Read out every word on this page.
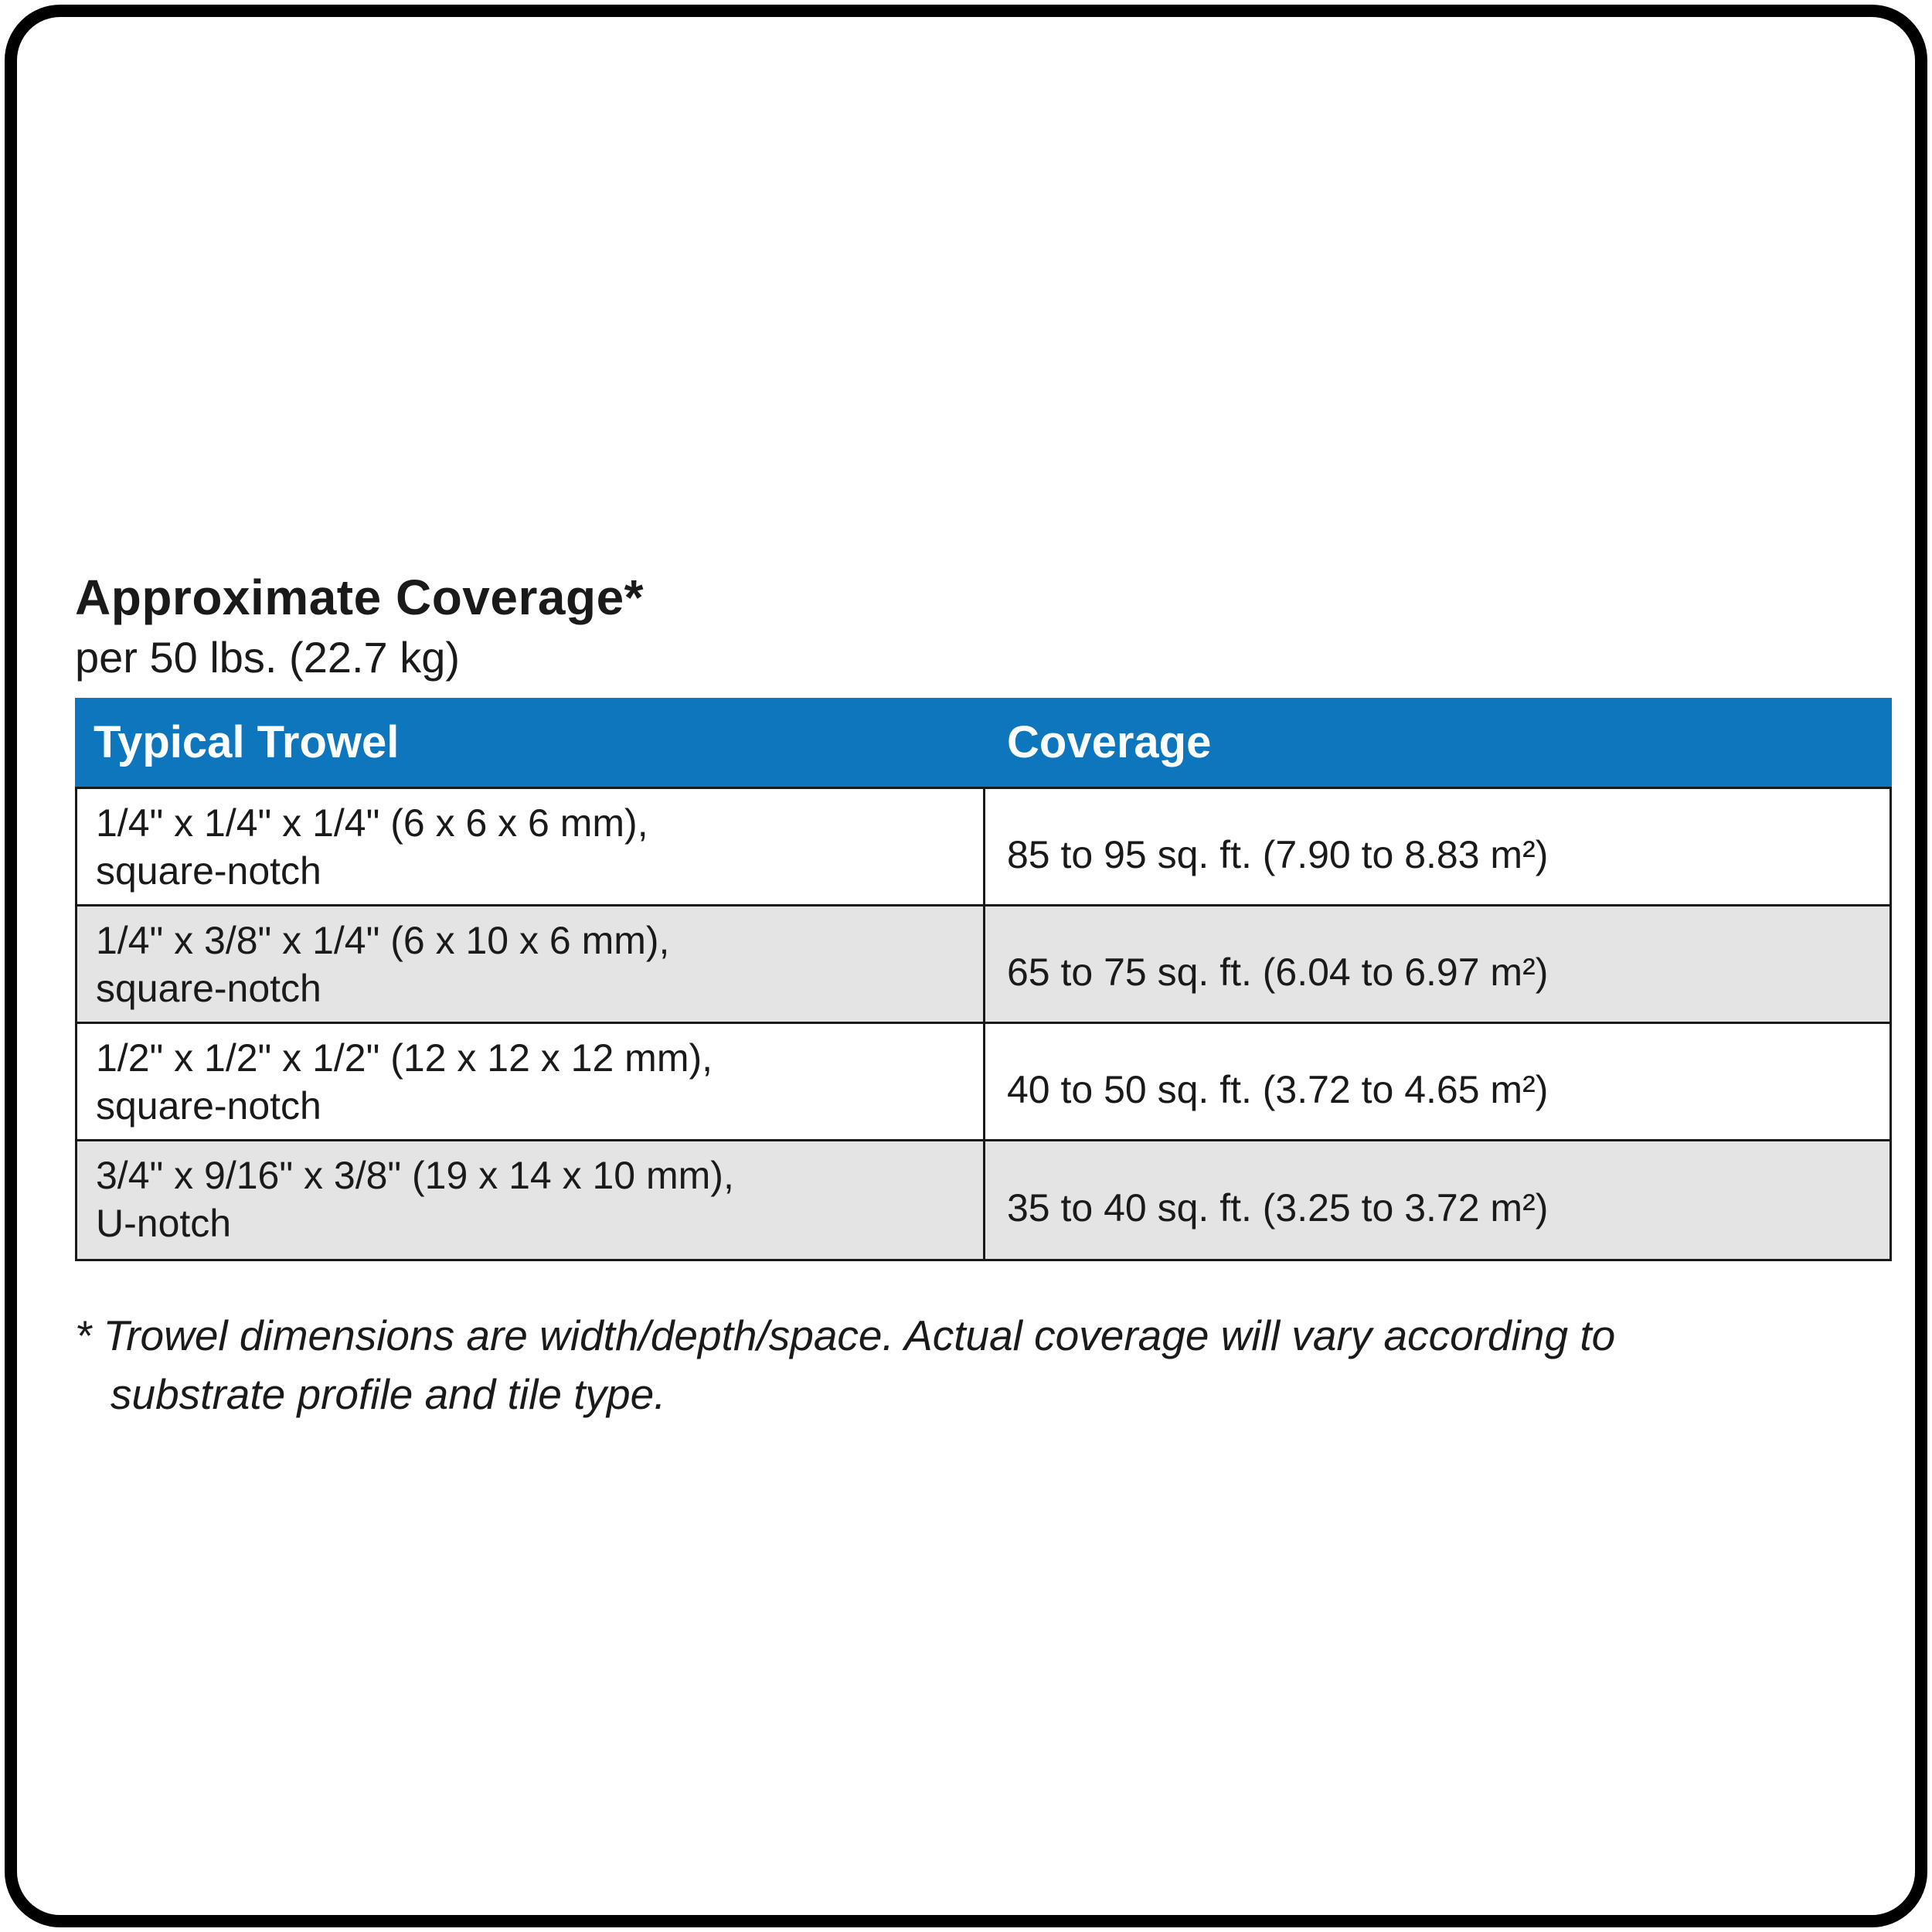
Approximate Coverage*
per 50 lbs. (22.7 kg)
Typical Trowel	Coverage
1/4" x 1/4" x 1/4" (6 x 6 x 6 mm),
square-notch	85 to 95 sq. ft. (7.90 to 8.83 m²)
1/4" x 3/8" x 1/4" (6 x 10 x 6 mm),
square-notch	65 to 75 sq. ft. (6.04 to 6.97 m²)
1/2" x 1/2" x 1/2" (12 x 12 x 12 mm),
square-notch	40 to 50 sq. ft. (3.72 to 4.65 m²)
3/4" x 9/16" x 3/8" (19 x 14 x 10 mm),
U-notch	35 to 40 sq. ft. (3.25 to 3.72 m²)
* Trowel dimensions are width/depth/space. Actual coverage will vary according to
substrate profile and tile type.
